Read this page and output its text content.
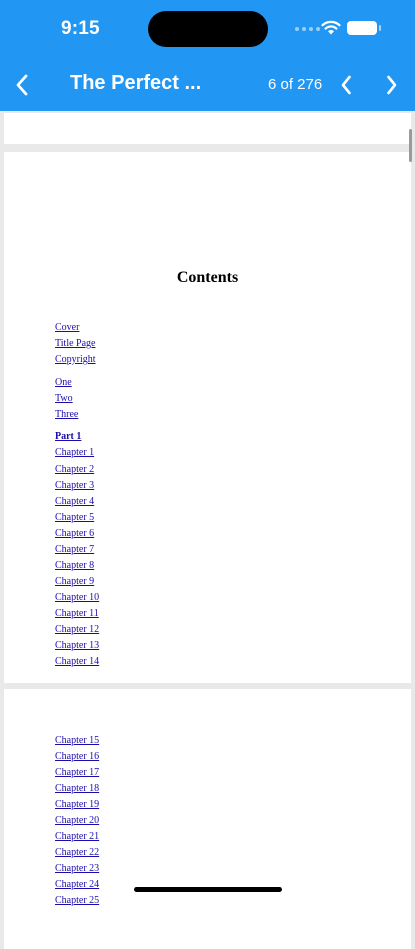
9:15
The Perfect ...	6 of 276
Contents
Cover
Title Page
Copyright
One
Two
Three
Part 1
Chapter 1
Chapter 2
Chapter 3
Chapter 4
Chapter 5
Chapter 6
Chapter 7
Chapter 8
Chapter 9
Chapter 10
Chapter 11
Chapter 12
Chapter 13
Chapter 14
Chapter 15
Chapter 16
Chapter 17
Chapter 18
Chapter 19
Chapter 20
Chapter 21
Chapter 22
Chapter 23
Chapter 24
Chapter 25
